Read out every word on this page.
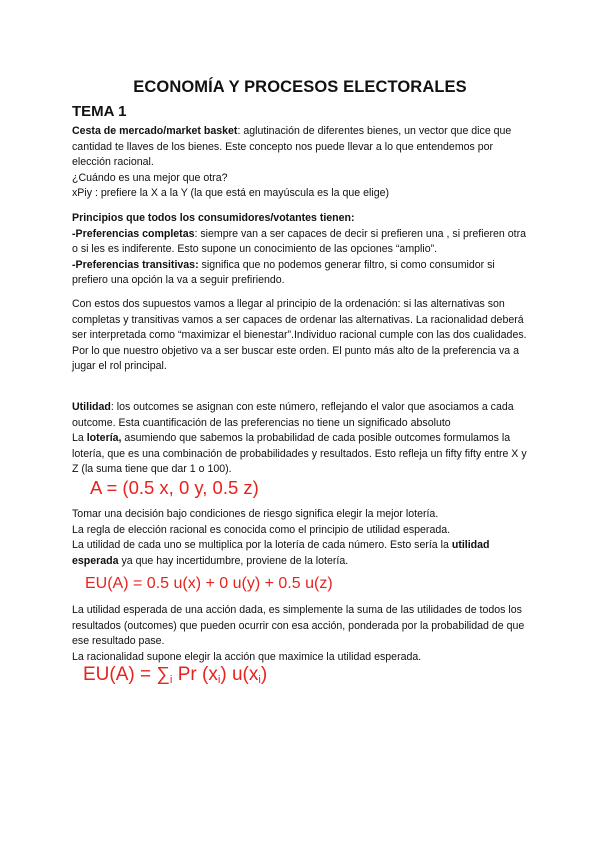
ECONOMÍA Y PROCESOS ELECTORALES
TEMA 1

Cesta de mercado/market basket: aglutinación de diferentes bienes, un vector que dice que cantidad te llaves de los bienes. Este concepto nos puede llevar a lo que entendemos por elección racional.

¿Cuándo es una mejor que otra?

xPiy : prefiere la X a la Y (la que está en mayúscula es la que elige)

Principios que todos los consumidores/votantes tienen:

-Preferencias completas: siempre van a ser capaces de decir si prefieren una , si prefieren otra o si les es indiferente. Esto supone un conocimiento de las opciones “amplio”.

-Preferencias transitivas: significa que no podemos generar filtro, si como consumidor si prefiero una opción la va a seguir prefiriendo.

Con estos dos supuestos vamos a llegar al principio de la ordenación: si las alternativas son completas y transitivas vamos a ser capaces de ordenar las alternativas. La racionalidad deberá ser interpretada como “maximizar el bienestar”.Individuo racional cumple con las dos cualidades.

Por lo que nuestro objetivo va a ser buscar este orden. El punto más alto de la preferencia va a jugar el rol principal.

Utilidad: los outcomes se asignan con este número, reflejando el valor que asociamos a cada outcome. Esta cuantificación de las preferencias no tiene un significado absoluto

La lotería, asumiendo que sabemos la probabilidad de cada posible outcomes formulamos la lotería, que es una combinación de probabilidades y resultados. Esto refleja un fifty fifty entre X y Z (la suma tiene que dar 1 o 100).

A = (0.5 x, 0 y, 0.5 z)

Tomar una decisión bajo condiciones de riesgo significa elegir la mejor lotería.

La regla de elección racional es conocida como el principio de utilidad esperada.

La utilidad de cada uno se multiplica por la lotería de cada número. Esto sería la utilidad esperada ya que hay incertidumbre, proviene de la lotería.

EU(A) = 0.5 u(x) + 0 u(y) + 0.5 u(z)

La utilidad esperada de una acción dada, es simplemente la suma de las utilidades de todos los resultados (outcomes) que pueden ocurrir con esa acción, ponderada por la probabilidad de que ese resultado pase.

La racionalidad supone elegir la acción que maximice la utilidad esperada.

$EU(A) = \sum_i$ Pr $(x_i)$ $u(x_i)$
